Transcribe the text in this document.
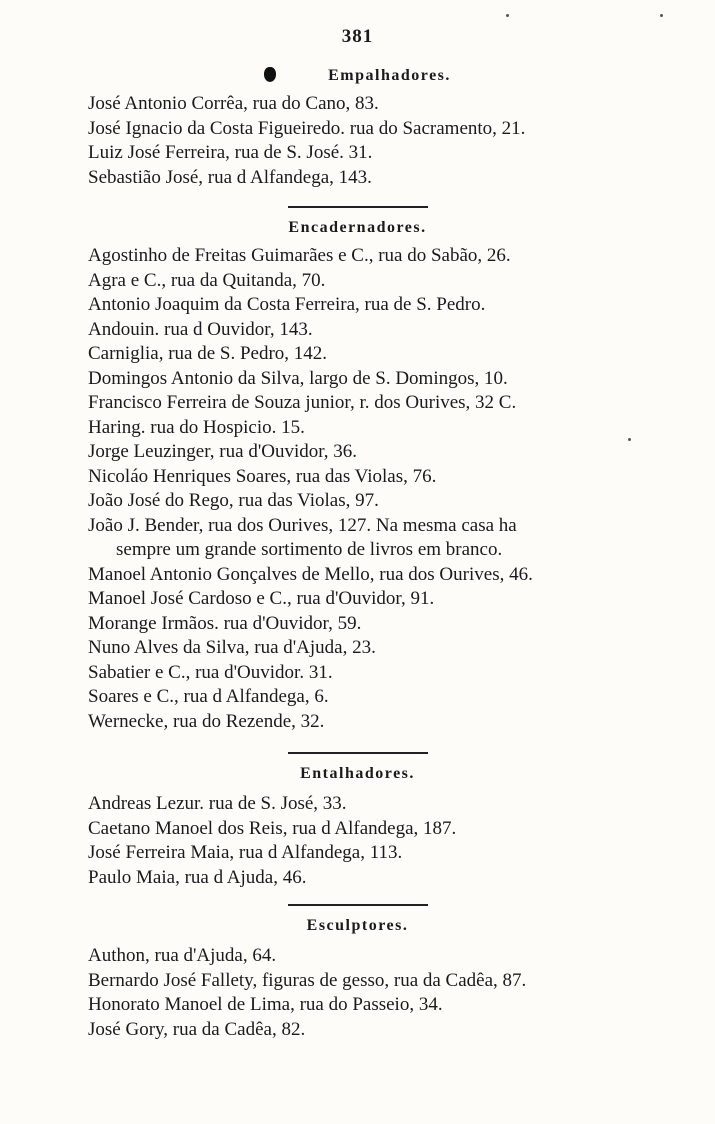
381
Empalhadores.
José Antonio Corrêa, rua do Cano, 83.
José Ignacio da Costa Figueiredo. rua do Sacramento, 21.
Luiz José Ferreira, rua de S. José. 31.
Sebastião José, rua d Alfandega, 143.
Encadernadores.
Agostinho de Freitas Guimarães e C., rua do Sabão, 26.
Agra e C., rua da Quitanda, 70.
Antonio Joaquim da Costa Ferreira, rua de S. Pedro.
Andouin. rua d Ouvidor, 143.
Carniglia, rua de S. Pedro, 142.
Domingos Antonio da Silva, largo de S. Domingos, 10.
Francisco Ferreira de Souza junior, r. dos Ourives, 32 C.
Haring. rua do Hospicio. 15.
Jorge Leuzinger, rua d'Ouvidor, 36.
Nicoláo Henriques Soares, rua das Violas, 76.
João José do Rego, rua das Violas, 97.
João J. Bender, rua dos Ourives, 127. Na mesma casa ha
sempre um grande sortimento de livros em branco.
Manoel Antonio Gonçalves de Mello, rua dos Ourives, 46.
Manoel José Cardoso e C., rua d'Ouvidor, 91.
Morange Irmãos. rua d'Ouvidor, 59.
Nuno Alves da Silva, rua d'Ajuda, 23.
Sabatier e C., rua d'Ouvidor. 31.
Soares e C., rua d Alfandega, 6.
Wernecke, rua do Rezende, 32.
Entalhadores.
Andreas Lezur. rua de S. José, 33.
Caetano Manoel dos Reis, rua d Alfandega, 187.
José Ferreira Maia, rua d Alfandega, 113.
Paulo Maia, rua d Ajuda, 46.
Esculptores.
Authon, rua d'Ajuda, 64.
Bernardo José Fallety, figuras de gesso, rua da Cadêa, 87.
Honorato Manoel de Lima, rua do Passeio, 34.
José Gory, rua da Cadêa, 82.
